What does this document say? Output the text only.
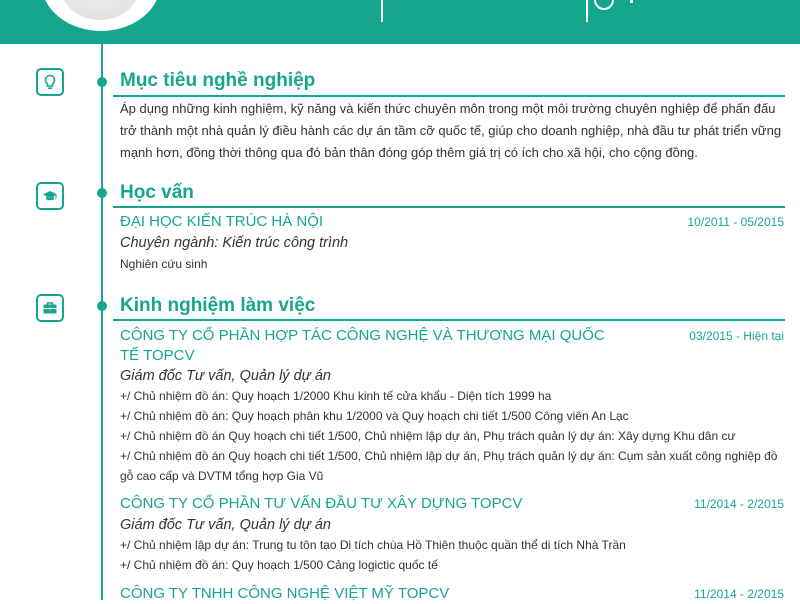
Mục tiêu nghề nghiệp

Áp dụng những kinh nghiệm, kỹ năng và kiến thức chuyên môn trong một môi trường chuyên nghiệp để phấn đấu trở thành một nhà quản lý điều hành các dự án tầm cỡ quốc tế, giúp cho doanh nghiệp, nhà đầu tư phát triển vững mạnh hơn, đồng thời thông qua đó bản thân đóng góp thêm giá trị có ích cho xã hội, cho cộng đồng.

Học vấn

ĐẠI HỌC KIẾN TRÚC HÀ NỘI	10/2011 - 05/2015
Chuyên ngành: Kiến trúc công trình
Nghiên cứu sinh
Kinh nghiệm làm việc

CÔNG TY CỔ PHẦN HỢP TÁC CÔNG NGHỆ VÀ THƯƠNG MẠI QUỐC TẾ TOPCV

03/2015 - Hiện tại
Giám đốc Tư vấn, Quản lý dự án

+/ Chủ nhiệm đồ án: Quy hoạch 1/2000 Khu kinh tế cửa khẩu - Diện tích 1999 ha

+/ Chủ nhiệm đồ án: Quy hoạch phân khu 1/2000 và Quy hoạch chi tiết 1/500 Công viên An Lạc

+/ Chủ nhiệm đồ án Quy hoạch chi tiết 1/500, Chủ nhiệm lập dự án, Phụ trách quản lý dự án: Xây dựng Khu dân cư

+/ Chủ nhiệm đồ án Quy hoạch chi tiết 1/500, Chủ nhiệm lập dự án, Phụ trách quản lý dự án: Cụm sản xuất công nghiệp đồ gỗ cao cấp và DVTM tổng hợp Gia Vũ

CÔNG TY CỔ PHẦN TƯ VẤN ĐẦU TƯ XÂY DỰNG TOPCV	11/2014 - 2/2015
Giám đốc Tư vấn, Quản lý dự án

+/ Chủ nhiệm lập dự án: Trung tu tôn tạo Di tích chùa Hồ Thiên thuộc quần thể di tích Nhà Trần

+/ Chủ nhiệm đồ án: Quy hoạch 1/500 Cảng logictic quốc tế

CÔNG TY TNHH CÔNG NGHỆ VIỆT MỸ TOPCV	11/2014 - 2/2015
